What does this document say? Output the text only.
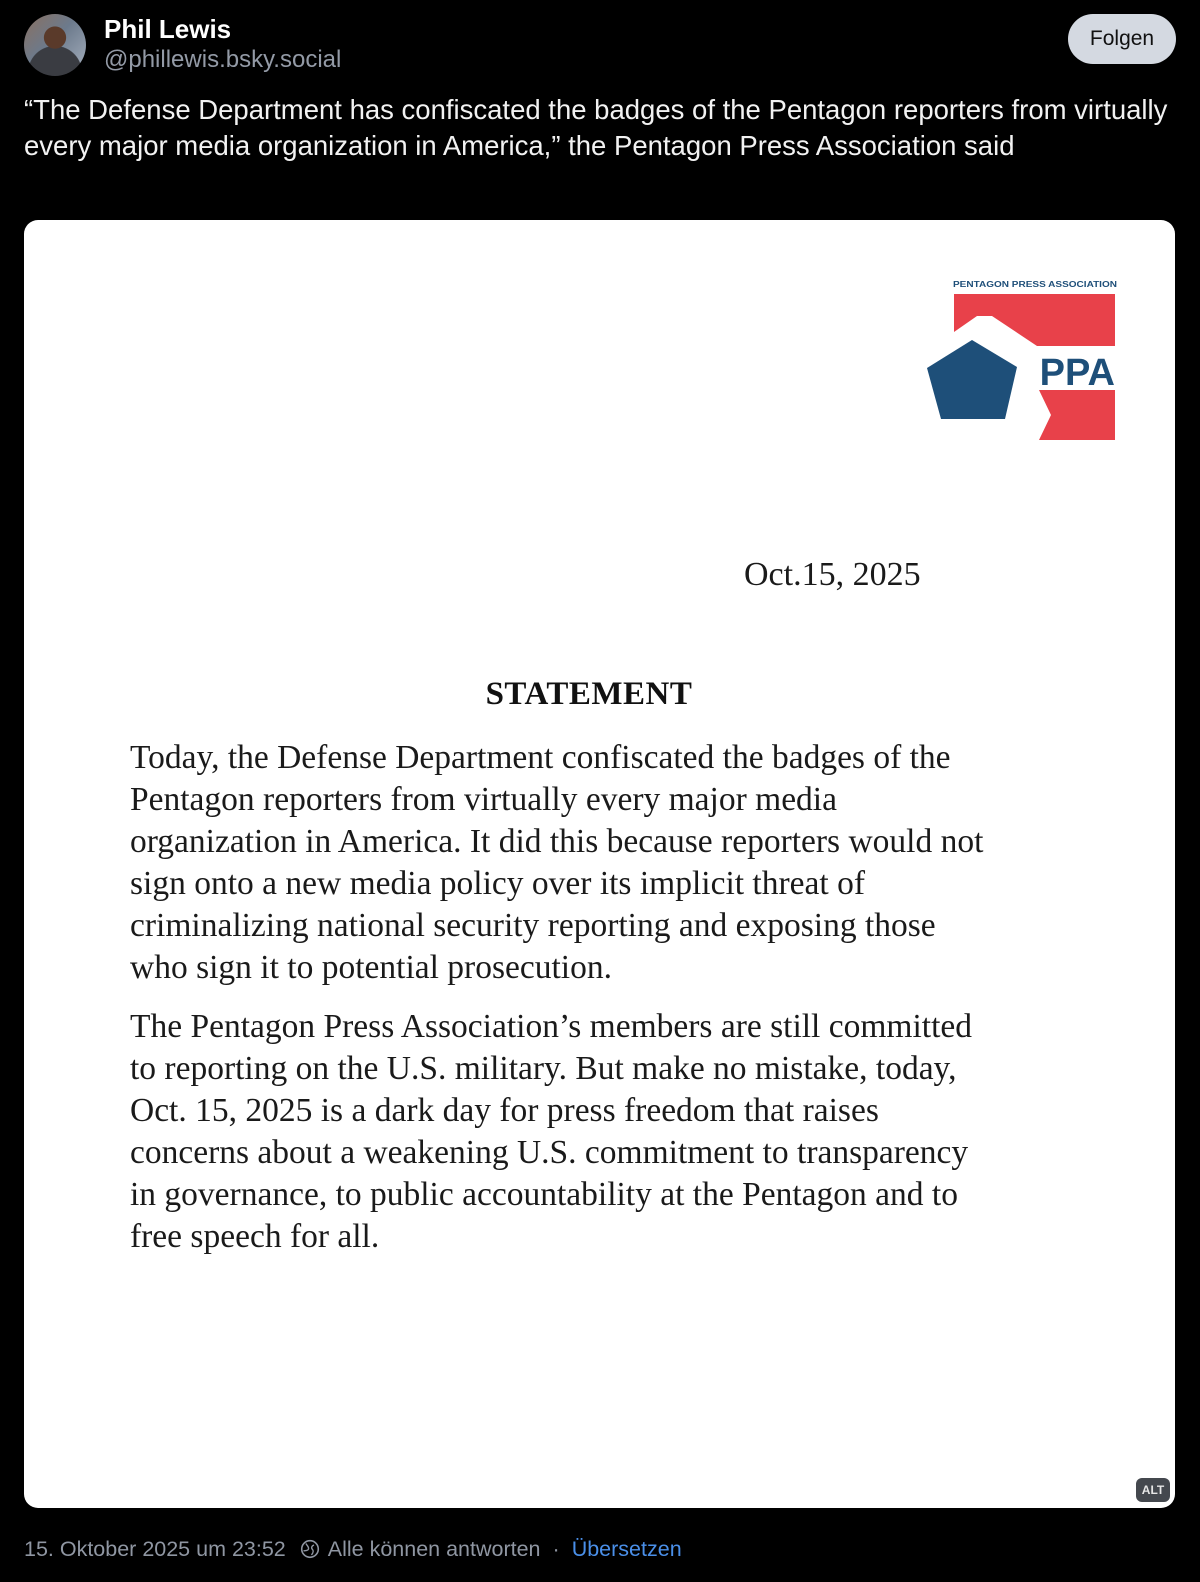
Phil Lewis
@phillewis.bsky.social
Folgen
“The Defense Department has confiscated the badges of the Pentagon reporters from virtually every major media organization in America,” the Pentagon Press Association said
PENTAGON PRESS ASSOCIATION
PPA
Oct.15, 2025
STATEMENT
Today, the Defense Department confiscated the badges of the
Pentagon reporters from virtually every major media
organization in America. It did this because reporters would not
sign onto a new media policy over its implicit threat of
criminalizing national security reporting and exposing those
who sign it to potential prosecution.
The Pentagon Press Association’s members are still committed
to reporting on the U.S. military. But make no mistake, today,
Oct. 15, 2025 is a dark day for press freedom that raises
concerns about a weakening U.S. commitment to transparency
in governance, to public accountability at the Pentagon and to
free speech for all.
ALT
15. Oktober 2025 um 23:52 Alle können antworten · Übersetzen
